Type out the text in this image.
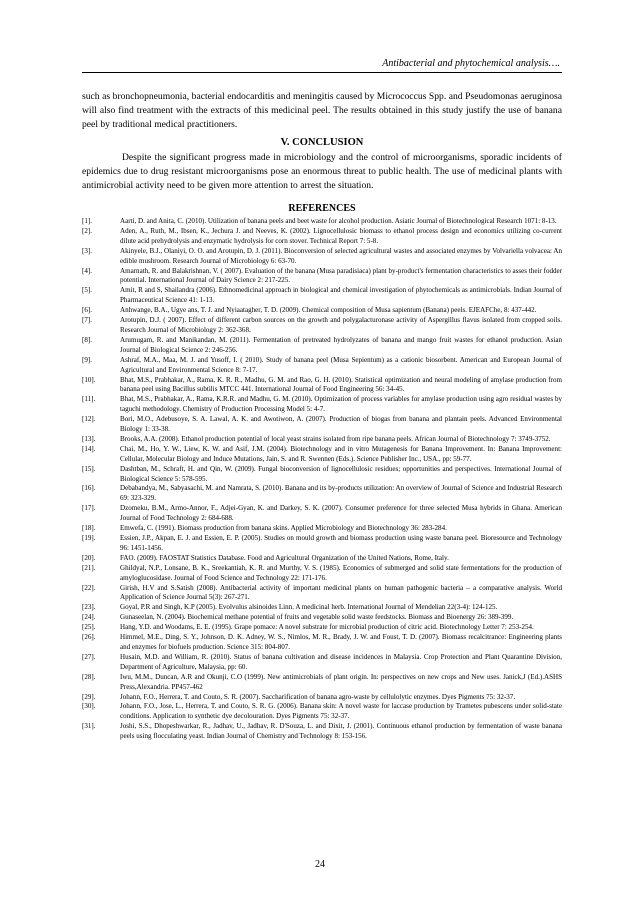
Antibacterial and phytochemical analysis….
such as bronchopneumonia, bacterial endocarditis and meningitis caused by Micrococcus Spp. and Pseudomonas aeruginosa will also find treatment with the extracts of this medicinal peel. The results obtained in this study justify the use of banana peel by traditional medical practitioners.
V. CONCLUSION
Despite the significant progress made in microbiology and the control of microorganisms, sporadic incidents of epidemics due to drug resistant microorganisms pose an enormous threat to public health. The use of medicinal plants with antimicrobial activity need to be given more attention to arrest the situation.
REFERENCES
[1].	Aarti, D. and Anita, C. (2010). Utilization of banana peels and beet waste for alcohol production. Asiatic Journal of Biotechnological Research 1071: 8-13.
[2].	Aden, A., Ruth, M., Ibsen, K., Jechura J. and Neeves, K. (2002). Lignocellulosic biomass to ethanol process design and economics utilizing co-current dilute acid prehydrolysis and enzymatic hydrolysis for corn stover. Technical Report 7: 5-8.
[3].	Akinyele, B.J., Olaniyi, O. O. and Arotupin, D. J. (2011). Bioconversion of selected agricultural wastes and associated enzymes by Volvariella volvacea: An edible mushroom. Research Journal of Microbiology 6: 63-70.
[4].	Amarnath, R. and Balakrishnan, V. ( 2007). Evaluation of the banana (Musa paradisiaca) plant by-product's fermentation characteristics to asses their fodder potential. International Journal of Dairy Science 2: 217-225.
[5].	Amit, R and S, Shailandra (2006). Ethnomedicinal approach in biological and chemical investigation of phytochemicals as antimicrobials. Indian Journal of Pharmaceutical Science 41: 1-13.
[6].	Anhwange, B.A., Ugye ans, T. J. and Nyiaatagher, T. D. (2009). Chemical composition of Musa sapientum (Banana) peels. EJEAFChe, 8: 437-442.
[7].	Arotupin, D.J. ( 2007). Effect of different carbon sources on the growth and polygalacturonase activity of Aspergillus flavus isolated from cropped soils. Research Journal of Microbiology 2: 362-368.
[8].	Arumugam, R. and Manikandan, M. (2011). Fermentation of pretreated hydrolyzates of banana and mango fruit wastes for ethanol production. Asian Journal of Biological Science 2: 246-256.
[9].	Ashraf, M.A., Maa, M. J. and Yusoff, I. ( 2010). Study of banana peel (Musa Sepientum) as a cationic biosorbent. American and European Journal of Agricultural and Environmental Science 8: 7-17.
[10].	Bhat, M.S., Prabhakar, A., Rama, K. R. R., Madhu, G. M. and Rao, G. H. (2010). Statistical optimization and neural modeling of amylase production from banana peel using Bacillus subtilis MTCC 441. International Journal of Food Engineering 56: 34-45.
[11].	Bhat, M.S., Prabhakar, A., Rama, K.R.R. and Madhu, G. M. (2010). Optimization of process variables for amylase production using agro residual wastes by taguchi methodology. Chemistry of Production Processing Model 5: 4-7.
[12].	Bori, M.O., Adebusoye, S. A. Lawal, A. K. and Awotiwon, A. (2007). Production of biogas from banana and plantain peels. Advanced Environmental Biology 1: 33-38.
[13].	Brooks, A.A. (2008). Ethanol production potential of local yeast strains isolated from ripe banana peels. African Journal of Biotechnology 7: 3749-3752.
[14].	Chai, M., Ho, Y. W., Liew, K. W. and Asif, J.M. (2004). Biotechnology and in vitro Mutagenesis for Banana Improvement. In: Banana Improvement: Cellular, Molecular Biology and Induce Mutations, Jain, S. and R. Swennen (Eds.). Science Publisher Inc., USA., pp: 59-77.
[15].	Dashtban, M., Schraft, H. and Qin, W. (2009). Fungal bioconversion of lignocellulosic residues; opportunities and perspectives. International Journal of Biological Science 5: 578-595.
[16].	Debabandya, M., Sabyasachi, M. and Namrata, S. (2010). Banana and its by-products utilization: An overview of Journal of Science and Industrial Research 69: 323-329.
[17].	Dzomeku, B.M., Armo-Annor, F., Adjei-Gyan, K. and Darkey, S. K. (2007). Consumer preference for three selected Musa hybrids in Ghana. American Journal of Food Technology 2: 684-688.
[18].	Emwefa, C. (1991). Biomass production from banana skins. Applied Microbiology and Biotechnology 36: 283-284.
[19].	Essien, J.P., Akpan, E. J. and Essien, E. P. (2005). Studies on mould growth and biomass production using waste banana peel. Bioresource and Technology 96: 1451-1456.
[20].	FAO. (2009). FAOSTAT Statistics Database. Food and Agricultural Organization of the United Nations, Rome, Italy.
[21].	Ghildyal, N.P., Lonsane, B. K., Sreekantiah, K. R. and Murthy, V. S. (1985). Economics of submerged and solid state fermentations for the production of amyloglucosidase. Journal of Food Science and Technology 22: 171-176.
[22].	Girish, H.V and S.Satish (2008). Antibacterial activity of important medicinal plants on human pathogenic bacteria – a comparative analysis. World Application of Science Journal 5(3): 267-271.
[23].	Goyal, P.R and Singh, K.P (2005). Evolvulus alsinoides Linn. A medicinal herb. International Journal of Mendelian 22(3-4): 124-125.
[24].	Gunaseelan, N. (2004). Biochemical methane potential of fruits and vegetable solid waste feedstocks. Biomass and Bioenergy 26: 389-399.
[25].	Hang, Y.D. and Woodams, E. E. (1995). Grape pomace: A novel substrate for microbial production of citric acid. Biotechnology Letter 7: 253-254.
[26].	Himmel, M.E., Ding, S. Y., Johnson, D. K. Adney, W. S., Nimlos, M. R., Brady, J. W. and Foust, T. D. (2007). Biomass recalcitrance: Engineering plants and enzymes for biofuels production. Science 315: 804-807.
[27].	Husain, M.D. and William, R. (2010). Status of banana cultivation and disease incidences in Malaysia. Crop Protection and Plant Quarantine Division, Department of Agriculture, Malaysia, pp: 60.
[28].	Iwu, M.M., Duncan, A.R and Okunji, C.O (1999). New antimicrobials of plant origin. In: perspectives on new crops and New uses. Janick,J (Ed.).ASHS Press,Alexandria. PP457-462
[29].	Johann, F.O., Herrera, T. and Couto, S. R. (2007). Saccharification of banana agro-waste by cellulolytic enzymes. Dyes Pigments 75: 32-37.
[30].	Johann, F.O., Jose, L., Herrera, T. and Couto, S. R. G. (2006). Banana skin: A novel waste for laccase production by Trametes pubescens under solid-state conditions. Application to synthetic dye decolouration. Dyes Pigments 75: 32-37.
[31].	Joshi, S.S., Dhopeshwarkar, R., Jadhav, U., Jadhav, R. D'Souza, L. and Dixit, J. (2001). Continuous ethanol production by fermentation of waste banana peels using flocculating yeast. Indian Journal of Chemistry and Technology 8: 153-156.
24
